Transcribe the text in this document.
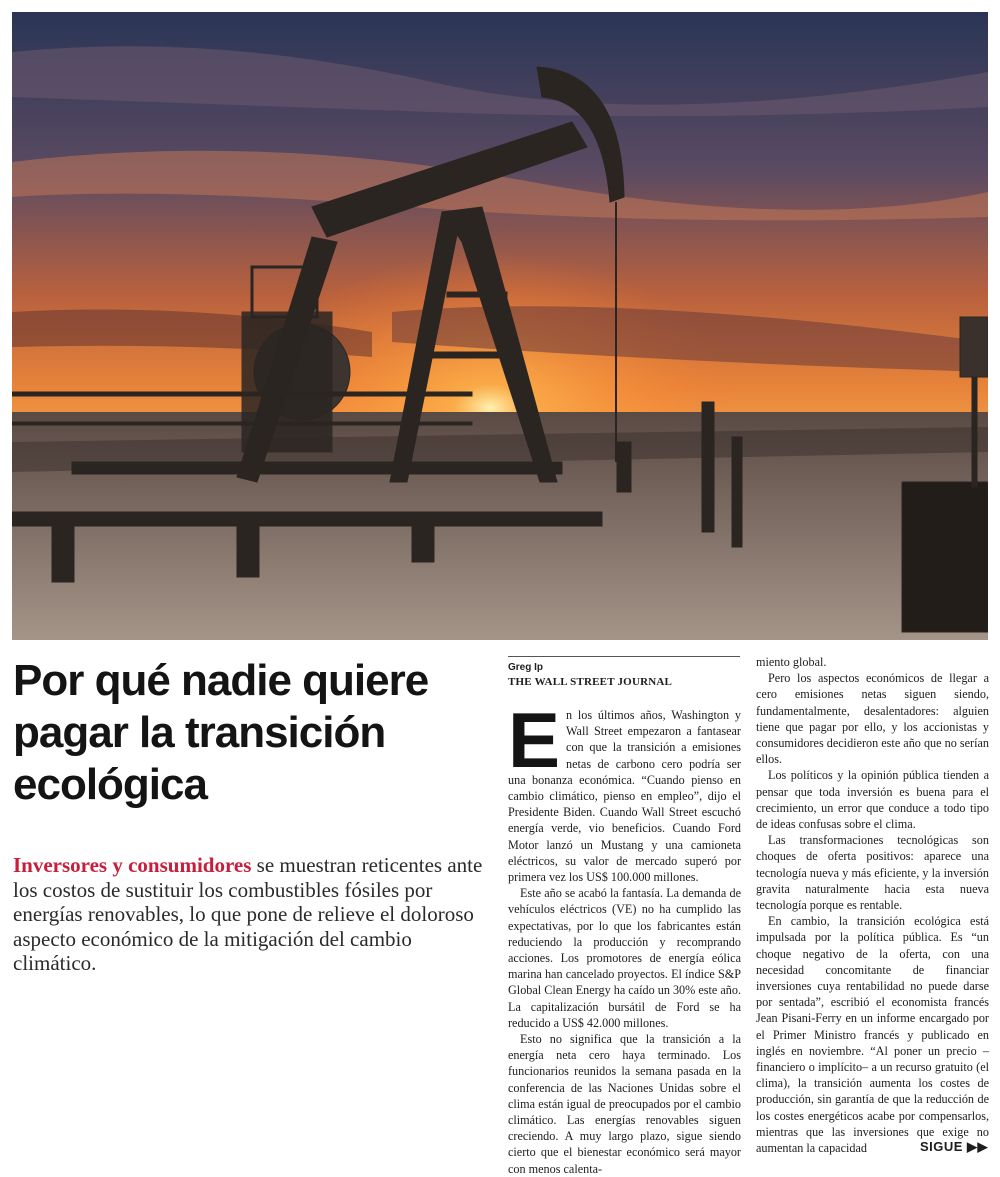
Por qué nadie quiere pagar la transición ecológica

Inversores y consumidores se muestran reticentes ante los costos de sustituir los combustibles fósiles por energías renovables, lo que pone de relieve el doloroso aspecto económico de la mitigación del cambio climático.

Greg Ip
THE WALL STREET JOURNAL

En los últimos años, Washington y Wall Street empezaron a fantasear con que la transición a emisiones netas de carbono cero podría ser una bonanza económica. “Cuando pienso en cambio climático, pienso en empleo”, dijo el Presidente Biden. Cuando Wall Street escuchó energía verde, vio beneficios. Cuando Ford Motor lanzó un Mustang y una camioneta eléctricos, su valor de mercado superó por primera vez los US$ 100.000 millones.

Este año se acabó la fantasía. La demanda de vehículos eléctricos (VE) no ha cumplido las expectativas, por lo que los fabricantes están reduciendo la producción y recomprando acciones. Los promotores de energía eólica marina han cancelado proyectos. El índice S&P Global Clean Energy ha caído un 30% este año. La capitalización bursátil de Ford se ha reducido a US$ 42.000 millones.

Esto no significa que la transición a la energía neta cero haya terminado. Los funcionarios reunidos la semana pasada en la conferencia de las Naciones Unidas sobre el clima están igual de preocupados por el cambio climático. Las energías renovables siguen creciendo. A muy largo plazo, sigue siendo cierto que el bienestar económico será mayor con menos calenta-

miento global.

Pero los aspectos económicos de llegar a cero emisiones netas siguen siendo, fundamentalmente, desalentadores: alguien tiene que pagar por ello, y los accionistas y consumidores decidieron este año que no serían ellos.

Los políticos y la opinión pública tienden a pensar que toda inversión es buena para el crecimiento, un error que conduce a todo tipo de ideas confusas sobre el clima.

Las transformaciones tecnológicas son choques de oferta positivos: aparece una tecnología nueva y más eficiente, y la inversión gravita naturalmente hacia esta nueva tecnología porque es rentable.

En cambio, la transición ecológica está impulsada por la política pública. Es “un choque negativo de la oferta, con una necesidad concomitante de financiar inversiones cuya rentabilidad no puede darse por sentada”, escribió el economista francés Jean Pisani-Ferry en un informe encargado por el Primer Ministro francés y publicado en inglés en noviembre. “Al poner un precio –financiero o implícito– a un recurso gratuito (el clima), la transición aumenta los costes de producción, sin garantía de que la reducción de los costes energéticos acabe por compensarlos, mientras que las inversiones que exige no aumentan la capacidad	SIGUE ▶▶
